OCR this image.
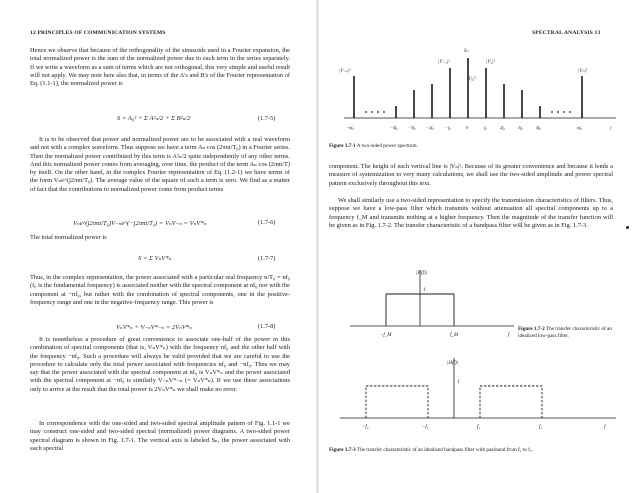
12 PRINCIPLES OF COMMUNICATION SYSTEMS

Hence we observe that because of the orthogonality of the sinusoids used in a Fourier expansion, the total normalized power is the sum of the normalized power due to each term in the series separately. If we write a waveform as a sum of terms which are not orthogonal, this very simple and useful result will not apply. We may note here also that, in terms of the A's and B's of the Fourier representation of Eq. (1.1-1), the normalized power is

S = A₀² + Σ A²ₙ/2 + Σ B²ₙ/2	(1.7-5)

It is to be observed that power and normalized power are to be associated with a real waveform and not with a complex waveform. Thus suppose we have a term Aₙ cos (2πnt/T₀) in a Fourier series. Then the normalized power contributed by this term is A²ₙ/2 quite independently of any other terms. And this normalized power comes from averaging, over time, the product of the term Aₙ cos (2πnt/T) by itself. On the other hand, in the complex Fourier representation of Eq. (1.2-1) we have terms of the form Vₙe^(j2πnt/T₀). The average value of the square of such a term is zero. We find as a matter of fact that the contributions to normalized power come from product terms

Vₙe^(j2πnt/T₀)V₋ₙe^(−j2πnt/T₀) = VₙV₋ₙ = VₙV*ₙ	(1.7-6)

The total normalized power is

S = Σ VₙV*ₙ	(1.7-7)

Thus, in the complex representation, the power associated with a particular real frequency n/T₀ = nf₀ (f₀ is the fundamental frequency) is associated neither with the spectral component at nf₀ nor with the component at −nf₀, but rather with the combination of spectral components, one in the positive-frequency range and one in the negative-frequency range. This power is

VₙV*ₙ + V₋ₙV*₋ₙ = 2VₙV*ₙ	(1.7-8)

It is nonetheless a procedure of great convenience to associate one-half of the power in this combination of spectral components (that is, VₙV*ₙ) with the frequency nf₀ and the other half with the frequency −nf₀. Such a procedure will always be valid provided that we are careful to use the procedure to calculate only the total power associated with frequencies nf₀ and −nf₀. Thus we may say that the power associated with the spectral component at nf₀ is VₙV*ₙ and the power associated with the spectral component at −nf₀ is similarly V₋ₙV*₋ₙ (= VₙV*ₙ). If we use these associations only to arrive at the result that the total power is 2VₙV*ₙ we shall make no error.

In correspondence with the one-sided and two-sided spectral amplitude pattern of Fig. 1.1-1 we may construct one-sided and two-sided spectral (normalized) power diagrams. A two-sided power spectral diagram is shown in Fig. 1.7-1. The vertical axis is labeled Sₙ, the power associated with each spectral

SPECTRAL ANALYSIS 13
Sₙ
|V₋ₙ|²
|V₋₁|²	|V₁|²
|Vₙ|²
|V₀|²
−nf₀	−4f₀ −3f₀ −2f₀	−f₀	0	f₀	2f₀	3f₀	4f₀	nf₀	f
Figure 1.7-1 A two-sided power spectrum.

component. The height of each vertical line is |Vₙ|². Because of its greater convenience and because it lends a measure of systemization to very many calculations, we shall use the two-sided amplitude and power spectral pattern exclusively throughout this text.

We shall similarly use a two-sided representation to specify the transmission characteristics of filters. Thus, suppose we have a low-pass filter which transmits without attenuation all spectral components up to a frequency f_M and transmits nothing at a higher frequency. Then the magnitude of the transfer function will be given as in Fig. 1.7-2. The transfer characteristic of a bandpass filter will be given as in Fig. 1.7-3.

|H(f)|
1
−f_M	f_M	f
Figure 1.7-2 The transfer characteristic of an idealized low-pass filter.
|H(f)|
1
−f₂	−f₁	f₁	f₂	f
Figure 1.7-3 The transfer characteristic of an idealized bandpass filter with passband from f₁ to f₂.
